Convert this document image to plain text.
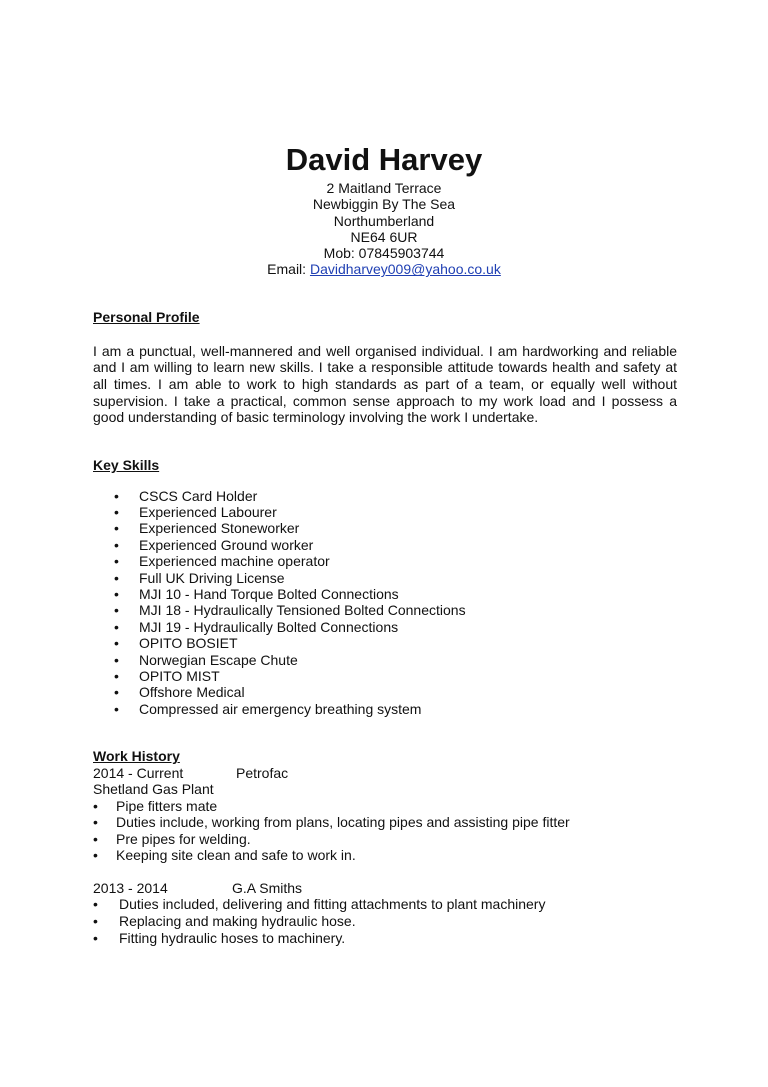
David Harvey
2 Maitland Terrace
Newbiggin By The Sea
Northumberland
NE64 6UR
Mob: 07845903744
Email: Davidharvey009@yahoo.co.uk
Personal Profile
I am a punctual, well-mannered and well organised individual. I am hardworking and reliable and I am willing to learn new skills. I take a responsible attitude towards health and safety at all times. I am able to work to high standards as part of a team, or equally well without supervision. I take a practical, common sense approach to my work load and I possess a good understanding of basic terminology involving the work I undertake.
Key Skills
• CSCS Card Holder
• Experienced Labourer
• Experienced Stoneworker
• Experienced Ground worker
• Experienced machine operator
• Full UK Driving License
• MJI 10 - Hand Torque Bolted Connections
• MJI 18 - Hydraulically Tensioned Bolted Connections
• MJI 19 - Hydraulically Bolted Connections
• OPITO BOSIET
• Norwegian Escape Chute
• OPITO MIST
• Offshore Medical
• Compressed air emergency breathing system
Work History
2014 - Current	Petrofac
Shetland Gas Plant
• Pipe fitters mate
• Duties include, working from plans, locating pipes and assisting pipe fitter
• Pre pipes for welding.
• Keeping site clean and safe to work in.
2013 - 2014	G.A Smiths
• Duties included, delivering and fitting attachments to plant machinery
• Replacing and making hydraulic hose.
• Fitting hydraulic hoses to machinery.
